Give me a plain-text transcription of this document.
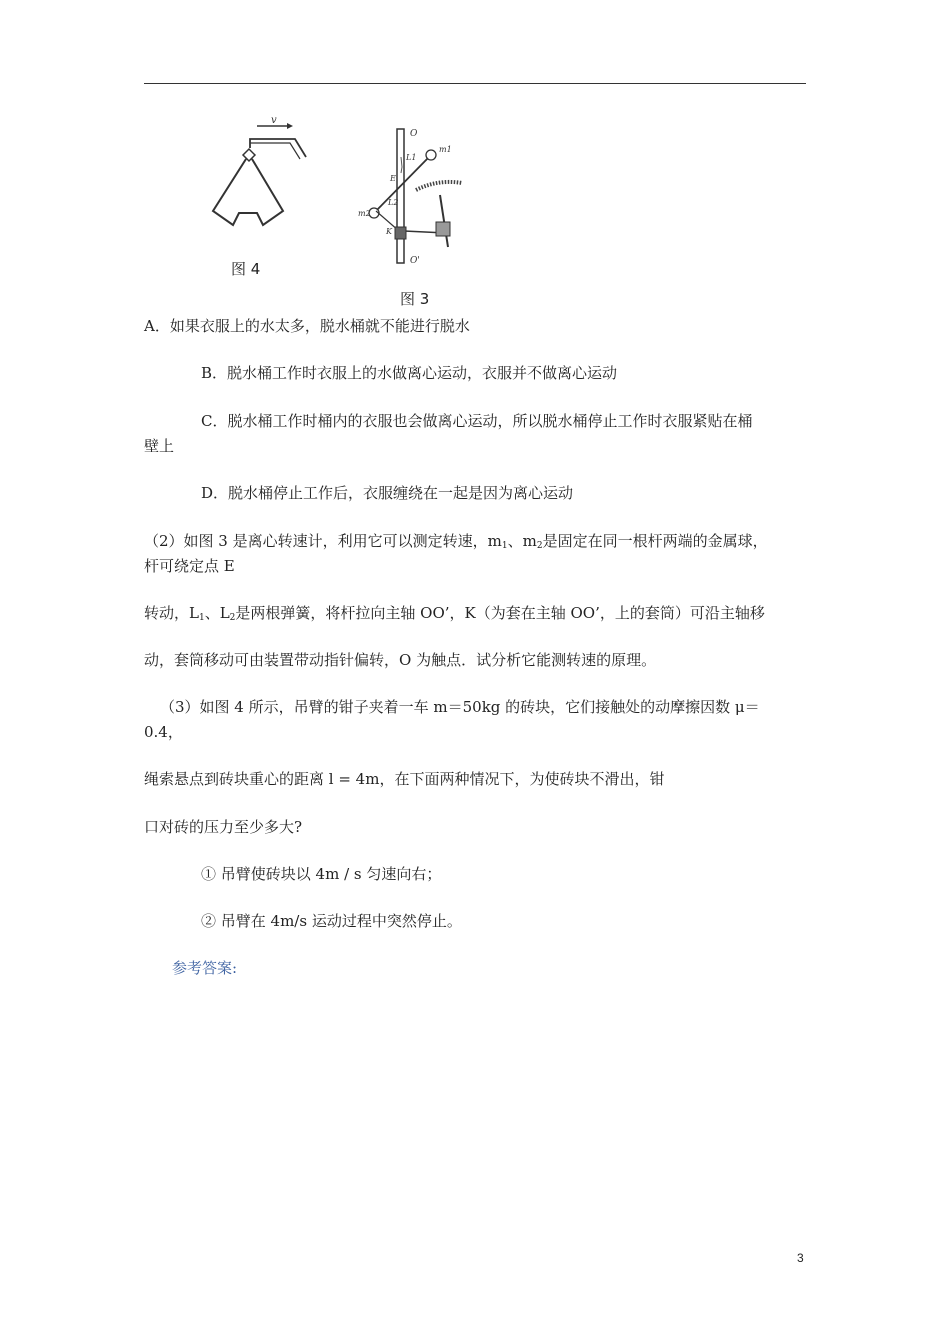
v
图 4
O
O'
m1
m2
E
L1
L2
K
图 3
A．如果衣服上的水太多，脱水桶就不能进行脱水
B．脱水桶工作时衣服上的水做离心运动，衣服并不做离心运动
C．脱水桶工作时桶内的衣服也会做离心运动，所以脱水桶停止工作时衣服紧贴在桶
壁上
D．脱水桶停止工作后，衣服缠绕在一起是因为离心运动
（2）如图 3 是离心转速计，利用它可以测定转速，$m_1$、$m_2$是固定在同一根杆两端的金属球，
杆可绕定点 E
转动，$L_1$、$L_2$是两根弹簧，将杆拉向主轴 OO’，K（为套在主轴 OO’，上的套筒）可沿主轴移
动，套筒移动可由装置带动指针偏转，O 为触点．试分析它能测转速的原理。
（3）如图 4 所示，吊臂的钳子夹着一车 m＝50kg 的砖块，它们接触处的动摩擦因数 μ＝
0.4，
绳索悬点到砖块重心的距离 l = 4m，在下面两种情况下，为使砖块不滑出，钳
口对砖的压力至少多大?
① 吊臂使砖块以 4m / s 匀速向右；
② 吊臂在 4m/s 运动过程中突然停止。
参考答案:
3
